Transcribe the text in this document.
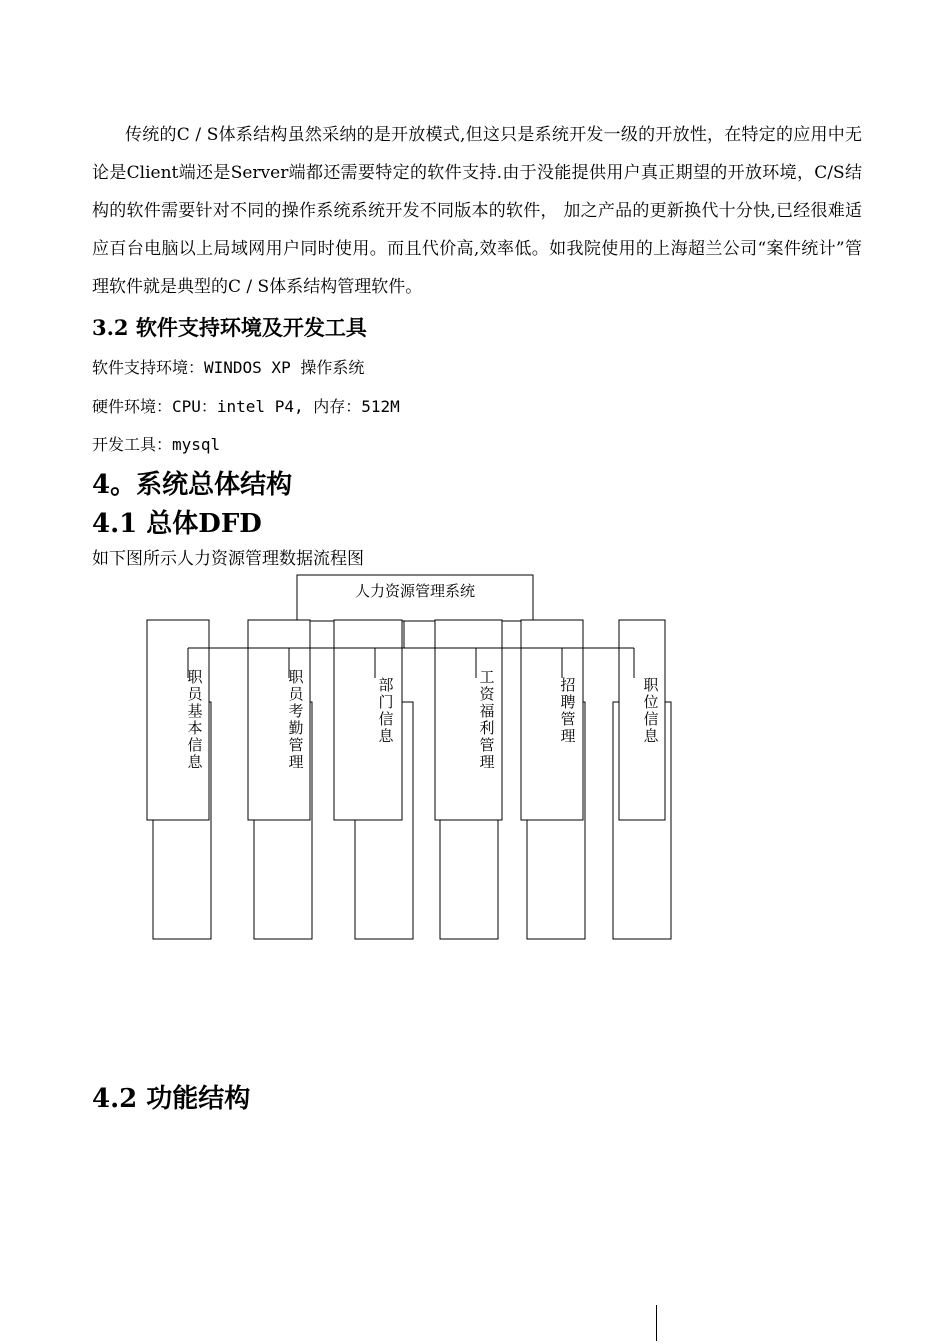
传统的C / S体系结构虽然采纳的是开放模式,但这只是系统开发一级的开放性，在特定的应用中无论是Client端还是Server端都还需要特定的软件支持.由于没能提供用户真正期望的开放环境，C/S结构的软件需要针对不同的操作系统系统开发不同版本的软件， 加之产品的更新换代十分快,已经很难适应百台电脑以上局域网用户同时使用。而且代价高,效率低。如我院使用的上海超兰公司“案件统计”管理软件就是典型的C / S体系结构管理软件。

3.2 软件支持环境及开发工具
软件支持环境：WINDOS XP 操作系统
硬件环境：CPU：intel P4, 内存：512M
开发工具：mysql
4。系统总体结构
4.1 总体DFD
如下图所示人力资源管理数据流程图
人力资源管理系统
职员基本信息
职员考勤管理
部门信息
工资福利管理
招聘管理
职位信息
4.2 功能结构
